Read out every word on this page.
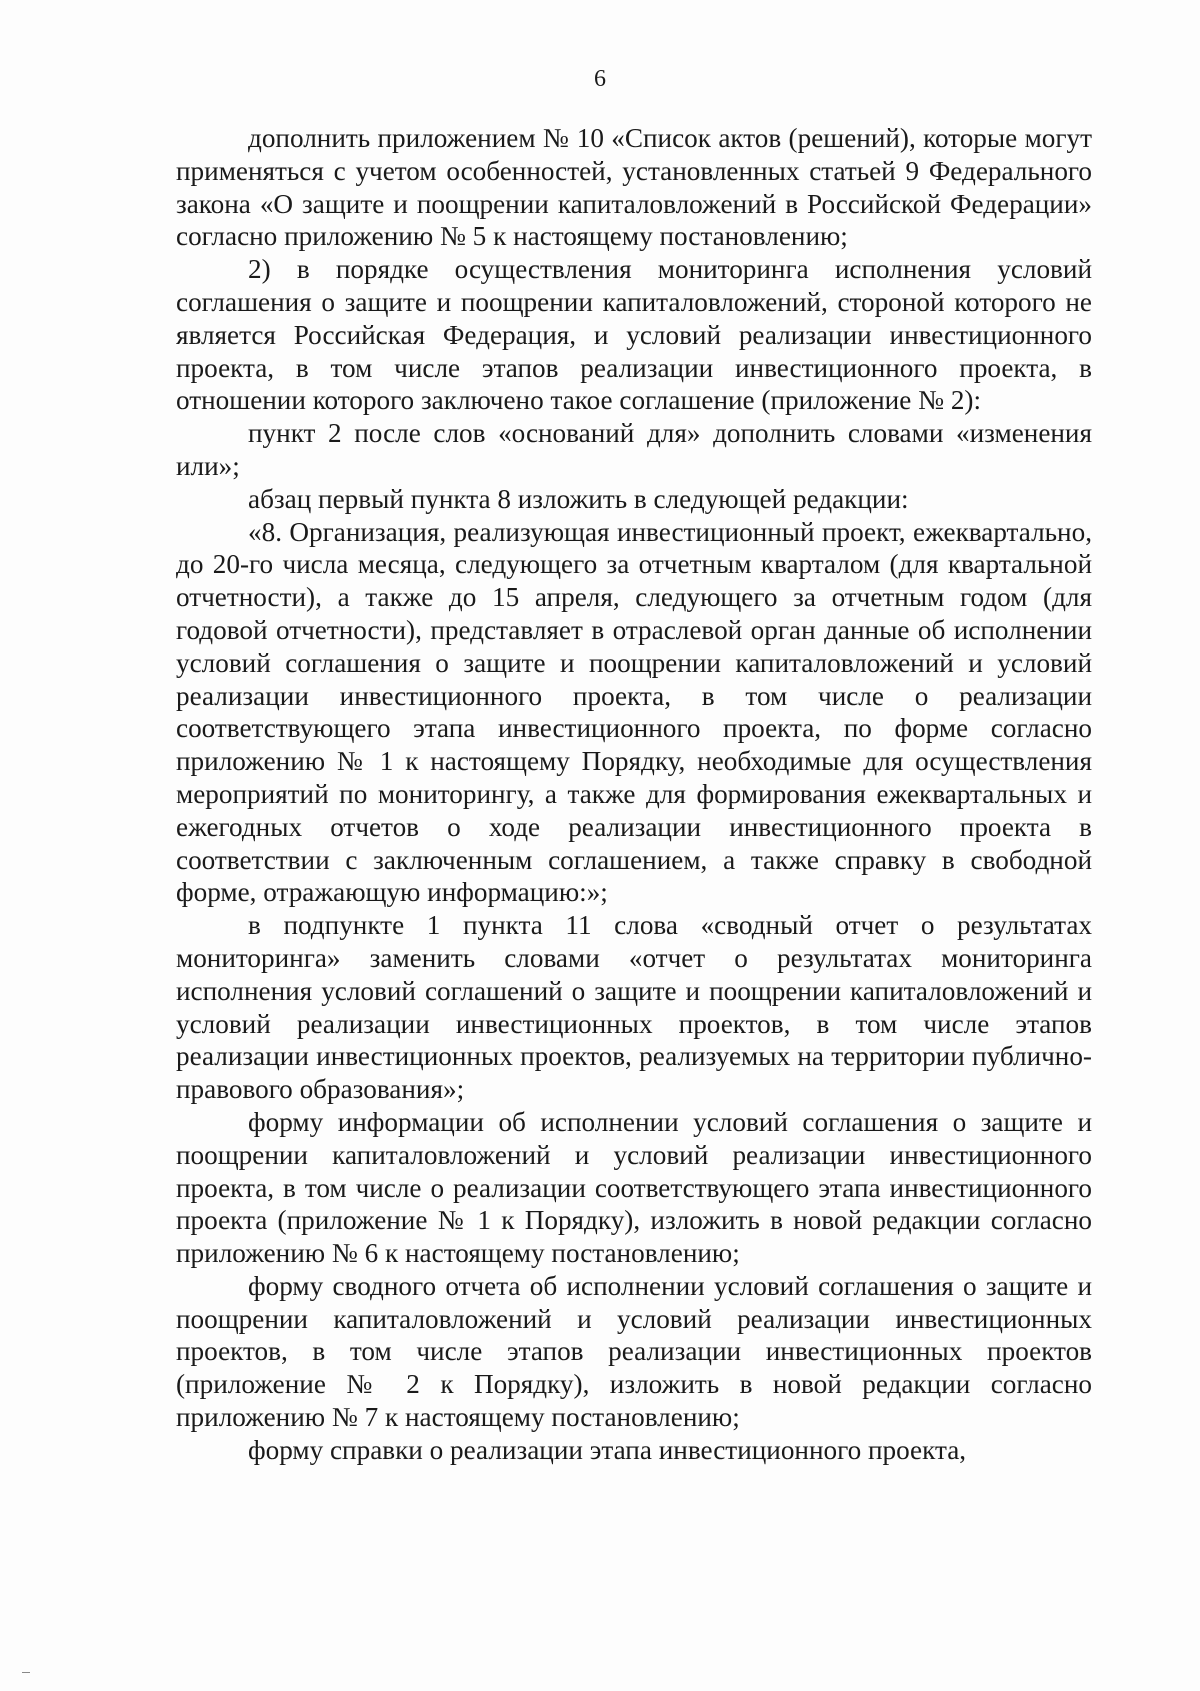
6

дополнить приложением № 10 «Список актов (решений), которые могут применяться с учетом особенностей, установленных статьей 9 Федерального закона «О защите и поощрении капиталовложений в Российской Федерации» согласно приложению № 5 к настоящему постановлению;

2) в порядке осуществления мониторинга исполнения условий соглашения о защите и поощрении капиталовложений, стороной которого не является Российская Федерация, и условий реализации инвестиционного проекта, в том числе этапов реализации инвестиционного проекта, в отношении которого заключено такое соглашение (приложение № 2):

пункт 2 после слов «оснований для» дополнить словами «изменения или»;

абзац первый пункта 8 изложить в следующей редакции:

«8. Организация, реализующая инвестиционный проект, ежеквартально, до 20-го числа месяца, следующего за отчетным кварталом (для квартальной отчетности), а также до 15 апреля, следующего за отчетным годом (для годовой отчетности), представляет в отраслевой орган данные об исполнении условий соглашения о защите и поощрении капиталовложений и условий реализации инвестиционного проекта, в том числе о реализации соответствующего этапа инвестиционного проекта, по форме согласно приложению № 1 к настоящему Порядку, необходимые для осуществления мероприятий по мониторингу, а также для формирования ежеквартальных и ежегодных отчетов о ходе реализации инвестиционного проекта в соответствии с заключенным соглашением, а также справку в свободной форме, отражающую информацию:»;

в подпункте 1 пункта 11 слова «сводный отчет о результатах мониторинга» заменить словами «отчет о результатах мониторинга исполнения условий соглашений о защите и поощрении капиталовложений и условий реализации инвестиционных проектов, в том числе этапов реализации инвестиционных проектов, реализуемых на территории публично-правового образования»;

форму информации об исполнении условий соглашения о защите и поощрении капиталовложений и условий реализации инвестиционного проекта, в том числе о реализации соответствующего этапа инвестиционного проекта (приложение № 1 к Порядку), изложить в новой редакции согласно приложению № 6 к настоящему постановлению;

форму сводного отчета об исполнении условий соглашения о защите и поощрении капиталовложений и условий реализации инвестиционных проектов, в том числе этапов реализации инвестиционных проектов (приложение № 2 к Порядку), изложить в новой редакции согласно приложению № 7 к настоящему постановлению;

форму справки о реализации этапа инвестиционного проекта,
